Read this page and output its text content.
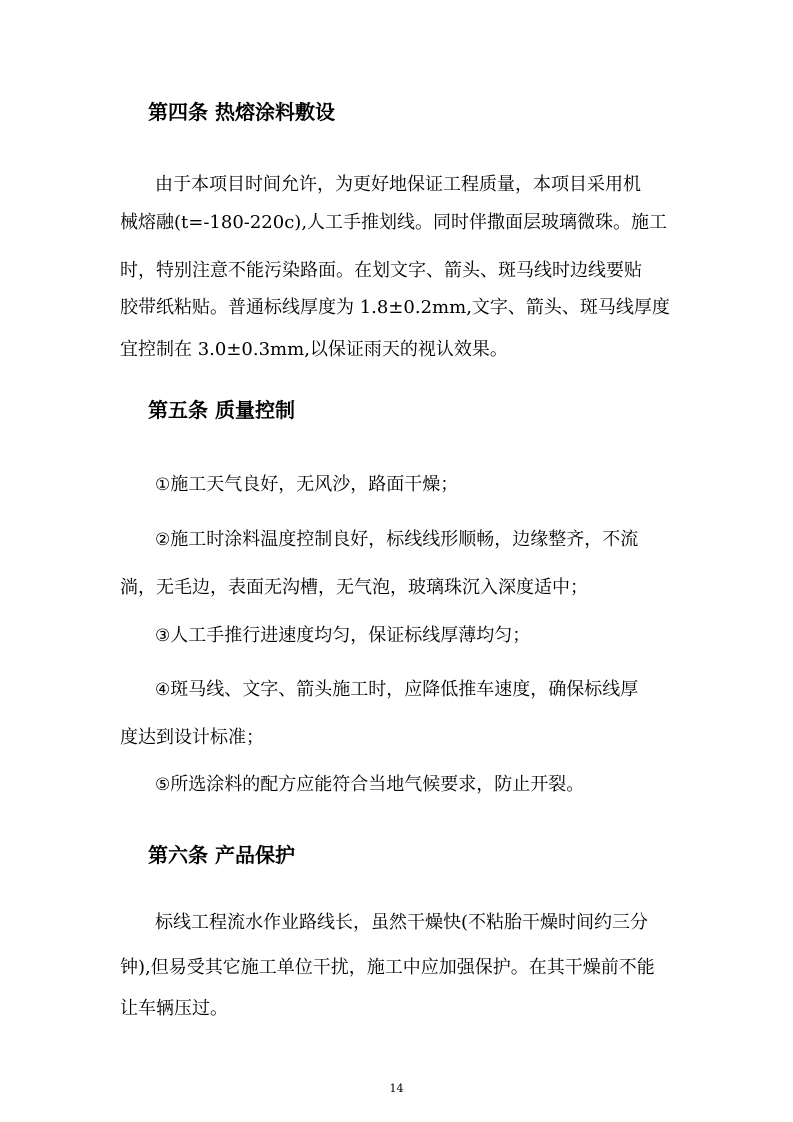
第四条 热熔涂料敷设

由于本项目时间允许，为更好地保证工程质量，本项目采用机

械熔融(t=-180-220c),人工手推划线。同时伴撒面层玻璃微珠。施工

时，特别注意不能污染路面。在划文字、箭头、斑马线时边线要贴

胶带纸粘贴。普通标线厚度为 1.8±0.2mm,文字、箭头、斑马线厚度

宜控制在 3.0±0.3mm,以保证雨天的视认效果。

第五条 质量控制

①施工天气良好，无风沙，路面干燥；

②施工时涂料温度控制良好，标线线形顺畅，边缘整齐，不流

淌，无毛边，表面无沟槽，无气泡，玻璃珠沉入深度适中；

③人工手推行进速度均匀，保证标线厚薄均匀；

④斑马线、文字、箭头施工时，应降低推车速度，确保标线厚

度达到设计标准；

⑤所选涂料的配方应能符合当地气候要求，防止开裂。

第六条 产品保护

标线工程流水作业路线长，虽然干燥快(不粘胎干燥时间约三分

钟),但易受其它施工单位干扰，施工中应加强保护。在其干燥前不能

让车辆压过。

14
